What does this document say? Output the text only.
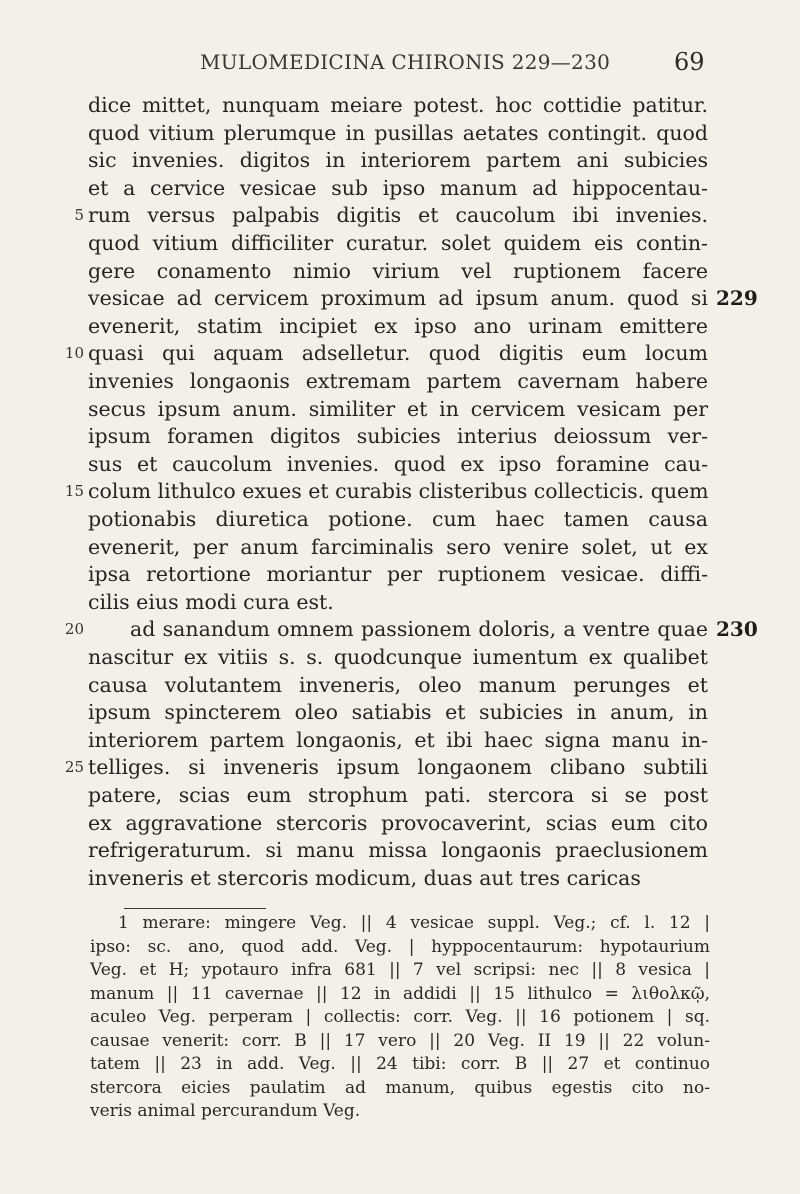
MULOMEDICINA CHIRONIS 229—230	69
dice mittet, nunquam meiare potest. hoc cottidie patitur.
quod vitium plerumque in pusillas aetates contingit. quod
sic invenies. digitos in interiorem partem ani subicies
et a cervice vesicae sub ipso manum ad hippocentau-
rum versus palpabis digitis et caucolum ibi invenies.
5
quod vitium difficiliter curatur. solet quidem eis contin-
gere conamento nimio virium vel ruptionem facere
vesicae ad cervicem proximum ad ipsum anum. quod si 229
evenerit, statim incipiet ex ipso ano urinam emittere
quasi qui aquam adselletur. quod digitis eum locum
10
invenies longaonis extremam partem cavernam habere
secus ipsum anum. similiter et in cervicem vesicam per
ipsum foramen digitos subicies interius deiossum ver-
sus et caucolum invenies. quod ex ipso foramine cau-
colum lithulco exues et curabis clisteribus collecticis. quem
15
potionabis diuretica potione. cum haec tamen causa
evenerit, per anum farciminalis sero venire solet, ut ex
ipsa retortione moriantur per ruptionem vesicae. diffi-
cilis eius modi cura est.
ad sanandum omnem passionem doloris, a ventre quae
20	230
nascitur ex vitiis s. s. quodcunque iumentum ex qualibet
causa volutantem inveneris, oleo manum perunges et
ipsum spincterem oleo satiabis et subicies in anum, in
interiorem partem longaonis, et ibi haec signa manu in-
telliges. si inveneris ipsum longaonem clibano subtili
25
patere, scias eum strophum pati. stercora si se post
ex aggravatione stercoris provocaverint, scias eum cito
refrigeraturum. si manu missa longaonis praeclusionem
inveneris et stercoris modicum, duas aut tres caricas
1 merare: mingere Veg. || 4 vesicae suppl. Veg.; cf. l. 12 |
ipso: sc. ano, quod add. Veg. | hyppocentaurum: hypotaurium
Veg. et H; ypotauro infra 681 || 7 vel scripsi: nec || 8 vesica |
manum || 11 cavernae || 12 in addidi || 15 lithulco = λιθολκῷ,
aculeo Veg. perperam | collectis: corr. Veg. || 16 potionem | sq.
causae venerit: corr. B || 17 vero || 20 Veg. II 19 || 22 volun-
tatem || 23 in add. Veg. || 24 tibi: corr. B || 27 et continuo
stercora eicies paulatim ad manum, quibus egestis cito no-
veris animal percurandum Veg.
